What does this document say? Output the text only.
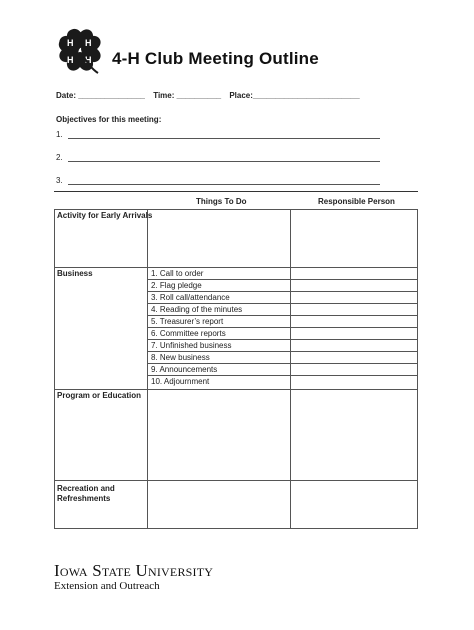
H H
H H 4-H Club Meeting Outline
Date: _______________ Time: __________ Place:________________________
Objectives for this meeting:
1.
2.
3.
Things To Do	Responsible Person
Activity for Early Arrivals
Business
Program or Education
Recreation and
Refreshments
1. Call to order
2. Flag pledge
3. Roll call/attendance
4. Reading of the minutes
5. Treasurer’s report
6. Committee reports
7. Unfinished business
8. New business
9. Announcements
10. Adjournment
Iowa State University
Extension and Outreach
